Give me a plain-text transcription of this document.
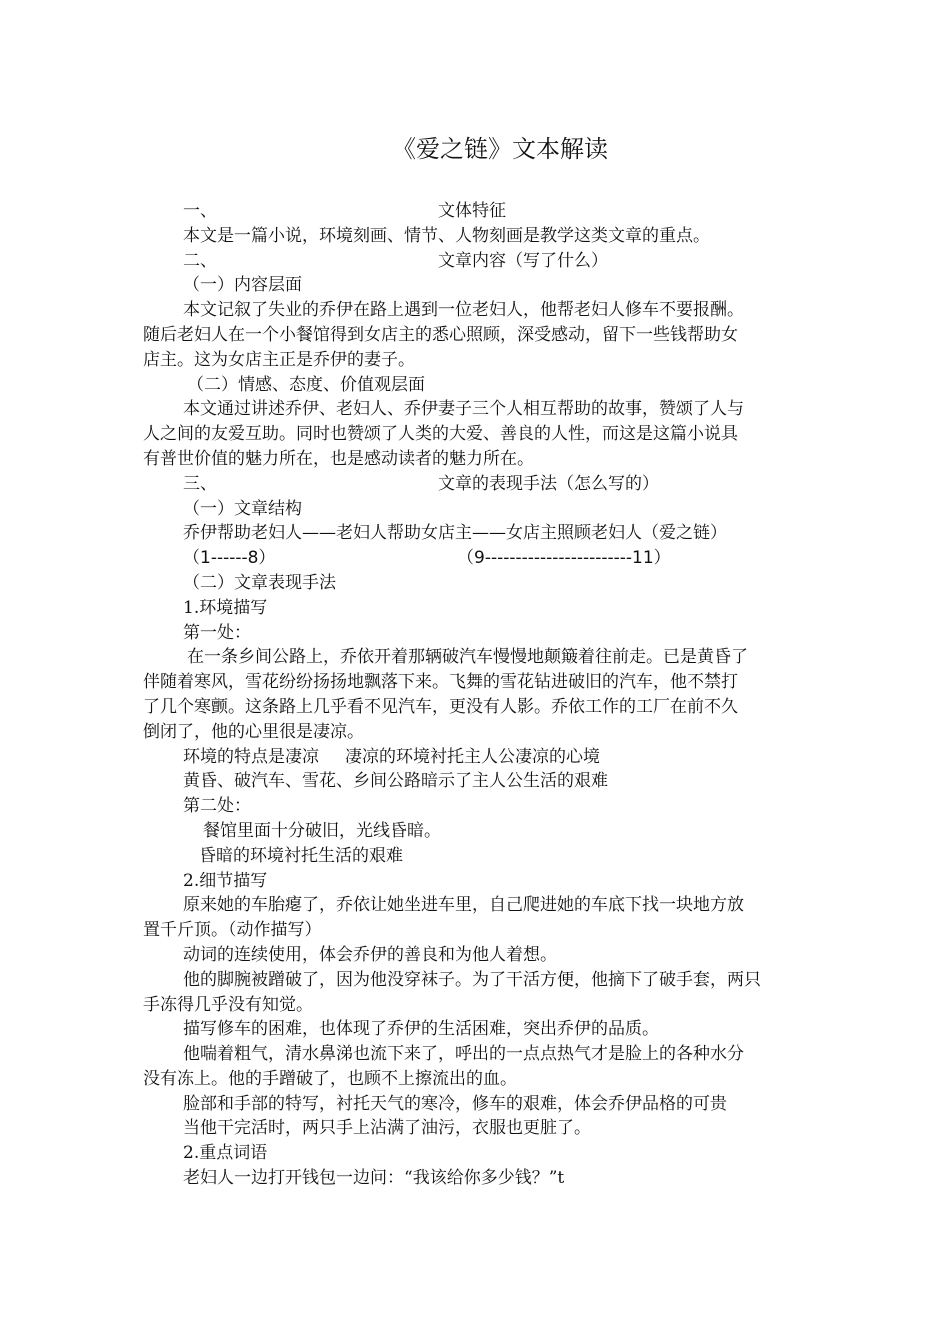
《爱之链》文本解读
一、	文体特征
本文是一篇小说，环境刻画、情节、人物刻画是教学这类文章的重点。
二、	文章内容（写了什么）
（一）内容层面
本文记叙了失业的乔伊在路上遇到一位老妇人，他帮老妇人修车不要报酬。
随后老妇人在一个小餐馆得到女店主的悉心照顾，深受感动，留下一些钱帮助女
店主。这为女店主正是乔伊的妻子。
（二）情感、态度、价值观层面
本文通过讲述乔伊、老妇人、乔伊妻子三个人相互帮助的故事，赞颂了人与
人之间的友爱互助。同时也赞颂了人类的大爱、善良的人性，而这是这篇小说具
有普世价值的魅力所在，也是感动读者的魅力所在。
三、	文章的表现手法（怎么写的）
（一）文章结构
乔伊帮助老妇人——老妇人帮助女店主——女店主照顾老妇人（爱之链）
（1------8）	（9------------------------11）
（二）文章表现手法
1.环境描写
第一处：
在一条乡间公路上，乔依开着那辆破汽车慢慢地颠簸着往前走。已是黄昏了
伴随着寒风，雪花纷纷扬扬地飘落下来。飞舞的雪花钻进破旧的汽车，他不禁打
了几个寒颤。这条路上几乎看不见汽车，更没有人影。乔依工作的工厂在前不久
倒闭了，他的心里很是凄凉。
环境的特点是凄凉 凄凉的环境衬托主人公凄凉的心境
黄昏、破汽车、雪花、乡间公路暗示了主人公生活的艰难
第二处：
餐馆里面十分破旧，光线昏暗。
昏暗的环境衬托生活的艰难
2.细节描写
原来她的车胎瘪了，乔依让她坐进车里，自己爬进她的车底下找一块地方放
置千斤顶。（动作描写）
动词的连续使用，体会乔伊的善良和为他人着想。
他的脚腕被蹭破了，因为他没穿袜子。为了干活方便，他摘下了破手套，两只
手冻得几乎没有知觉。
描写修车的困难，也体现了乔伊的生活困难，突出乔伊的品质。
他喘着粗气，清水鼻涕也流下来了，呼出的一点点热气才是脸上的各种水分
没有冻上。他的手蹭破了，也顾不上擦流出的血。
脸部和手部的特写，衬托天气的寒冷，修车的艰难，体会乔伊品格的可贵
当他干完活时，两只手上沾满了油污，衣服也更脏了。
2.重点词语
老妇人一边打开钱包一边问：“我该给你多少钱？”t
